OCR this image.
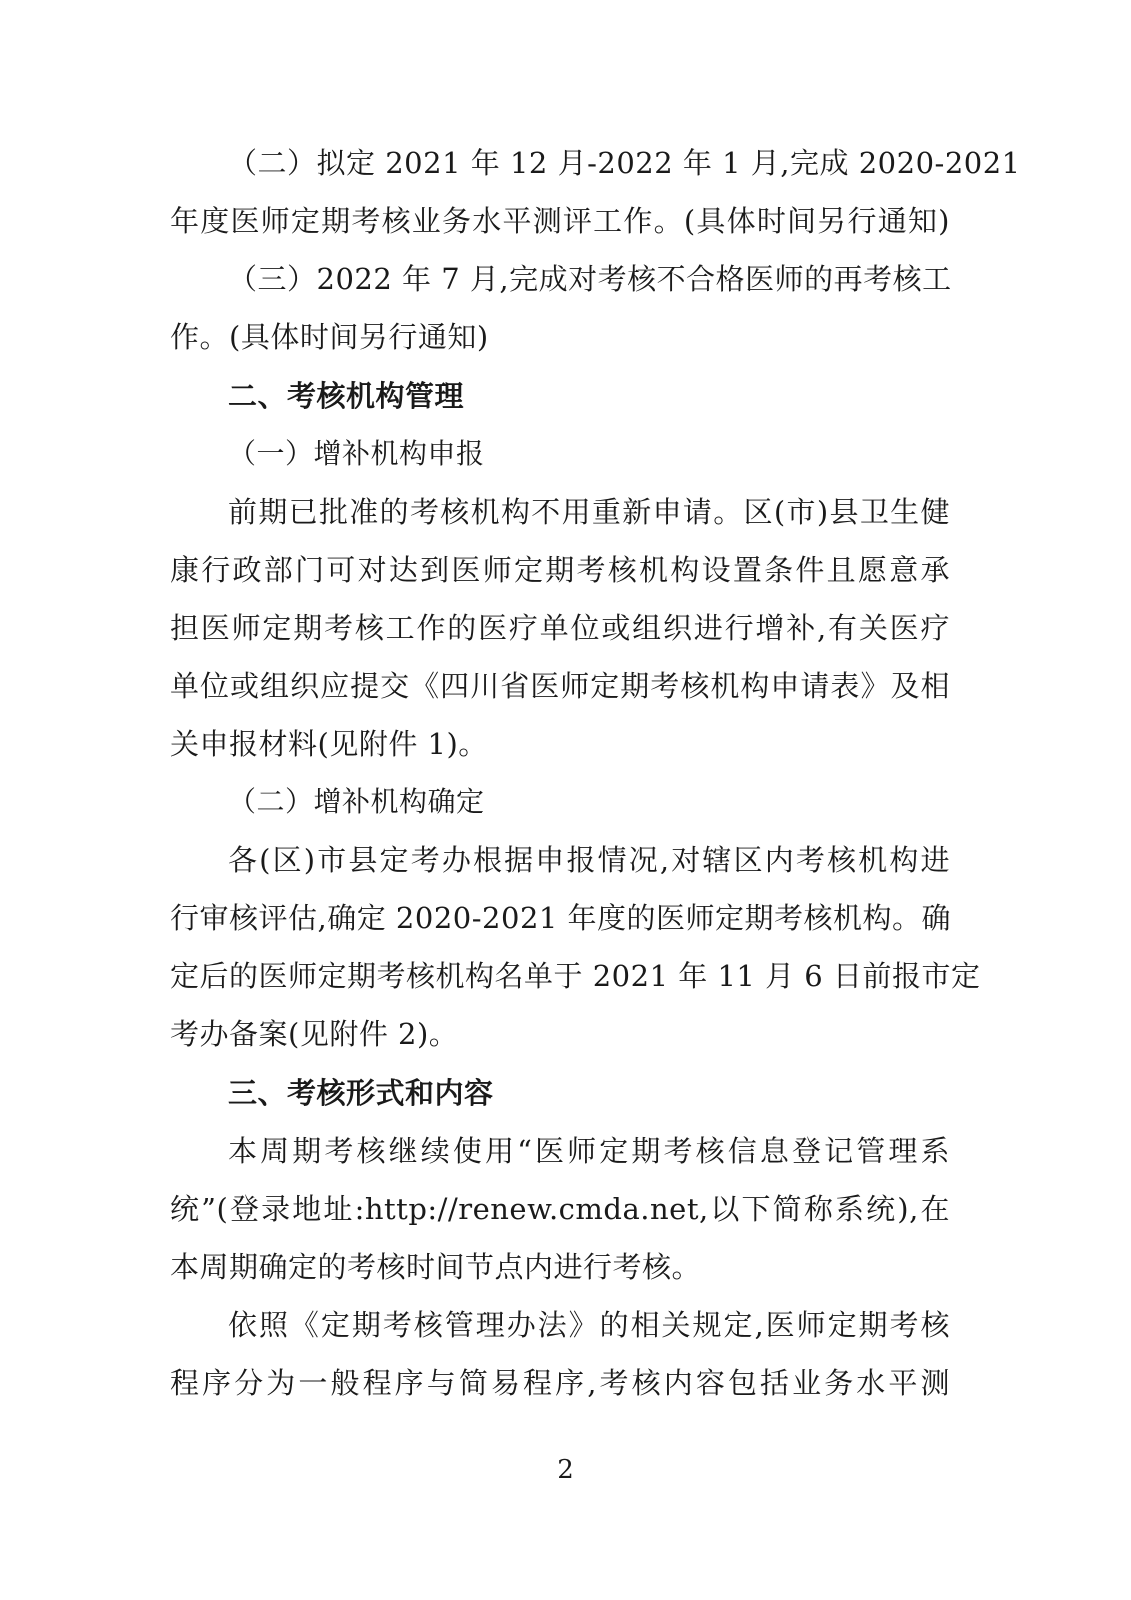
（二）拟定 2021 年 12 月-2022 年 1 月,完成 2020-2021
年度医师定期考核业务水平测评工作。(具体时间另行通知)
（三）2022 年 7 月,完成对考核不合格医师的再考核工
作。(具体时间另行通知)
二、考核机构管理
（一）增补机构申报
前期已批准的考核机构不用重新申请。区(市)县卫生健
康行政部门可对达到医师定期考核机构设置条件且愿意承
担医师定期考核工作的医疗单位或组织进行增补,有关医疗
单位或组织应提交《四川省医师定期考核机构申请表》及相
关申报材料(见附件 1)。
（二）增补机构确定
各(区)市县定考办根据申报情况,对辖区内考核机构进
行审核评估,确定 2020-2021 年度的医师定期考核机构。确
定后的医师定期考核机构名单于 2021 年 11 月 6 日前报市定
考办备案(见附件 2)。
三、考核形式和内容
本周期考核继续使用“医师定期考核信息登记管理系
统”(登录地址:http://renew.cmda.net,以下简称系统),在
本周期确定的考核时间节点内进行考核。
依照《定期考核管理办法》的相关规定,医师定期考核
程序分为一般程序与简易程序,考核内容包括业务水平测
2
